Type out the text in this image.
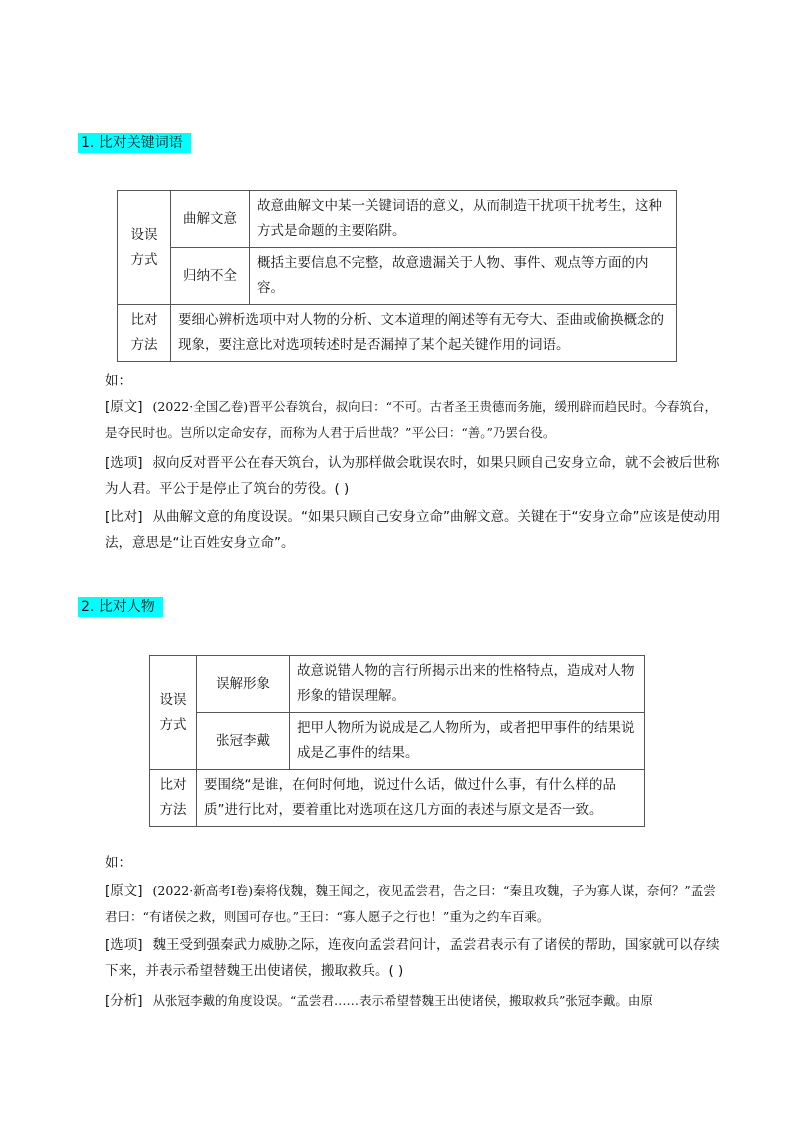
1. 比对关键词语
设误方式	曲解文意	故意曲解文中某一关键词语的意义，从而制造干扰项干扰考生，这种方式是命题的主要陷阱。
	归纳不全	概括主要信息不完整，故意遗漏关于人物、事件、观点等方面的内容。
比对方法	要细心辨析选项中对人物的分析、文本道理的阐述等有无夸大、歪曲或偷换概念的现象，要注意比对选项转述时是否漏掉了某个起关键作用的词语。	
如：
[原文] (2022·全国乙卷)晋平公春筑台，叔向曰：“不可。古者圣王贵德而务施，缓刑辟而趋民时。今春筑台，是夺民时也。岂所以定命安存，而称为人君于后世哉？”平公曰：“善。”乃罢台役。
[选项] 叔向反对晋平公在春天筑台，认为那样做会耽误农时，如果只顾自己安身立命，就不会被后世称为人君。平公于是停止了筑台的劳役。( )
[比对] 从曲解文意的角度设误。“如果只顾自己安身立命”曲解文意。关键在于“安身立命”应该是使动用法，意思是“让百姓安身立命”。
2. 比对人物
设误方式	误解形象	故意说错人物的言行所揭示出来的性格特点，造成对人物形象的错误理解。
	张冠李戴	把甲人物所为说成是乙人物所为，或者把甲事件的结果说成是乙事件的结果。
比对方法	要围绕“是谁，在何时何地，说过什么话，做过什么事，有什么样的品质”进行比对，要着重比对选项在这几方面的表述与原文是否一致。	
如：
[原文] (2022·新高考Ⅰ卷)秦将伐魏，魏王闻之，夜见孟尝君，告之曰：“秦且攻魏，子为寡人谋，奈何？”孟尝君曰：“有诸侯之救，则国可存也。”王曰：“寡人愿子之行也！”重为之约车百乘。
[选项] 魏王受到强秦武力威胁之际，连夜向孟尝君问计，孟尝君表示有了诸侯的帮助，国家就可以存续下来，并表示希望替魏王出使诸侯，搬取救兵。( )
[分析] 从张冠李戴的角度设误。“孟尝君……表示希望替魏王出使诸侯，搬取救兵”张冠李戴。由原
